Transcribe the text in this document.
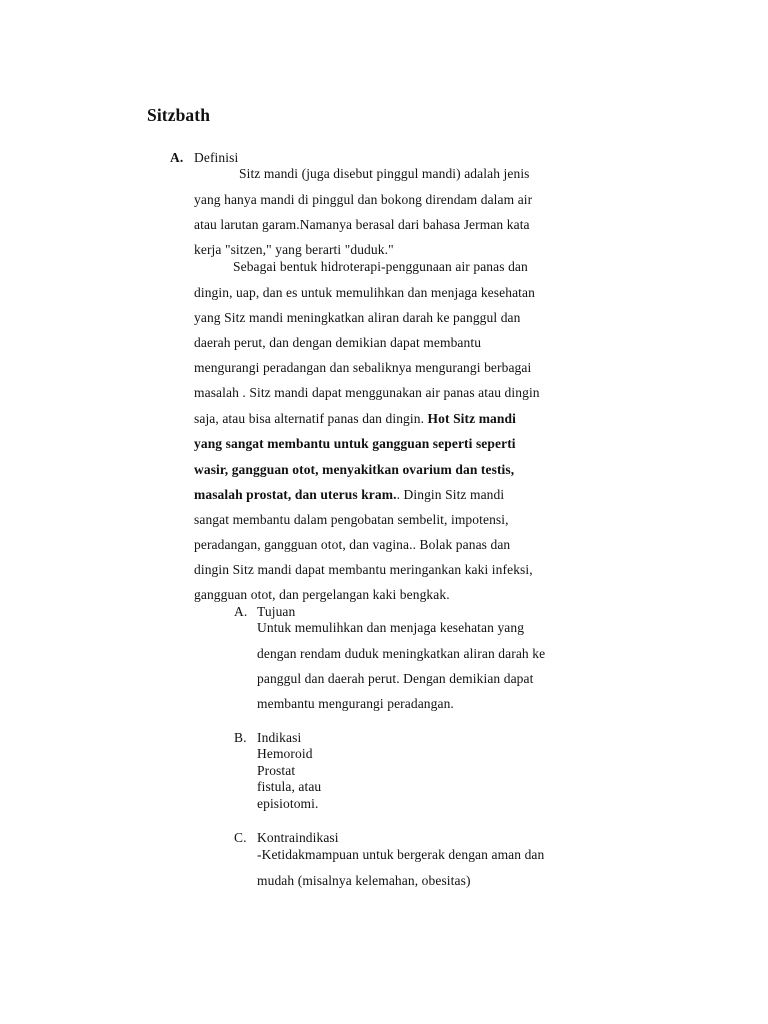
Sitzbath
A. Definisi
Sitz mandi (juga disebut pinggul mandi) adalah jenis
yang hanya mandi di pinggul dan bokong direndam dalam air
atau larutan garam.Namanya berasal dari bahasa Jerman kata
kerja "sitzen," yang berarti "duduk."
Sebagai bentuk hidroterapi-penggunaan air panas dan
dingin, uap, dan es untuk memulihkan dan menjaga kesehatan
yang Sitz mandi meningkatkan aliran darah ke panggul dan
daerah perut, dan dengan demikian dapat membantu
mengurangi peradangan dan sebaliknya mengurangi berbagai
masalah . Sitz mandi dapat menggunakan air panas atau dingin
saja, atau bisa alternatif panas dan dingin. Hot Sitz mandi
yang sangat membantu untuk gangguan seperti seperti
wasir, gangguan otot, menyakitkan ovarium dan testis,
masalah prostat, dan uterus kram.. Dingin Sitz mandi
sangat membantu dalam pengobatan sembelit, impotensi,
peradangan, gangguan otot, dan vagina.. Bolak panas dan
dingin Sitz mandi dapat membantu meringankan kaki infeksi,
gangguan otot, dan pergelangan kaki bengkak.
A. Tujuan
Untuk memulihkan dan menjaga kesehatan yang
dengan rendam duduk meningkatkan aliran darah ke
panggul dan daerah perut. Dengan demikian dapat
membantu mengurangi peradangan.
B. Indikasi
Hemoroid
Prostat
fistula, atau
episiotomi.
C. Kontraindikasi
-Ketidakmampuan untuk bergerak dengan aman dan
mudah (misalnya kelemahan, obesitas)
